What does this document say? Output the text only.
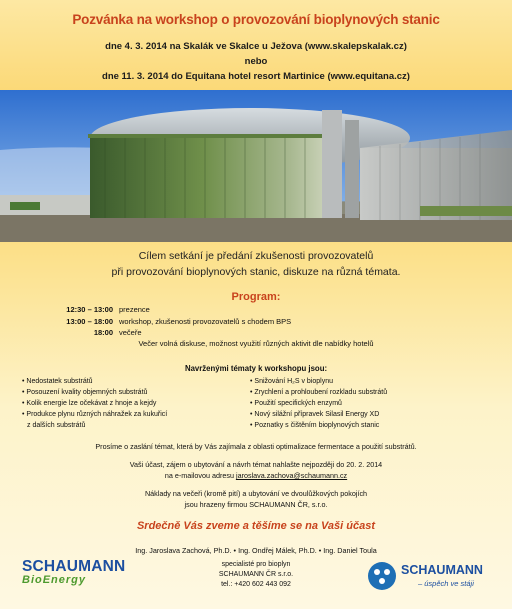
Pozvánka na workshop o provozování bioplynových stanic
dne 4. 3. 2014 na Skalák ve Skalce u Ježova (www.skalepskalak.cz)
nebo
dne 11. 3. 2014 do Equitana hotel resort Martinice (www.equitana.cz)
Cílem setkání je předání zkušenosti provozovatelů
při provozování bioplynových stanic, diskuze na různá témata.
Program:
12:30 – 13:00 prezence
13:00 – 18:00 workshop, zkušenosti provozovatelů s chodem BPS
18:00 večeře
Večer volná diskuse, možnost využití různých aktivit dle nabídky hotelů
Navrženými tématy k workshopu jsou:
• Nedostatek substrátů
• Posouzení kvality objemných substrátů
• Kolik energie lze očekávat z hnoje a kejdy
• Produkce plynu různých náhražek za kukuřicí
z dalších substrátů
• Snižování H₂S v bioplynu
• Zrychlení a prohloubení rozkladu substrátů
• Použití specifických enzymů
• Nový silážní přípravek Silasil Energy XD
• Poznatky s čištěním bioplynových stanic
Prosíme o zaslání témat, která by Vás zajímala z oblasti optimalizace fermentace a použití substrátů.
Vaši účast, zájem o ubytování a návrh témat nahlašte nejpozději do 20. 2. 2014
na e-mailovou adresu jaroslava.zachova@schaumann.cz
Náklady na večeři (kromě pití) a ubytování ve dvoulůžkových pokojích
jsou hrazeny firmou SCHAUMANN ČR, s.r.o.
Srdečně Vás zveme a těšíme se na Vaši účast
Ing. Jaroslava Zachová, Ph.D. • Ing. Ondřej Málek, Ph.D. • Ing. Daniel Toula
specialisté pro bioplyn
SCHAUMANN ČR s.r.o.
tel.: +420 602 443 092
SCHAUMANN
BioEnergy
SCHAUMANN
– úspěch ve stáji
